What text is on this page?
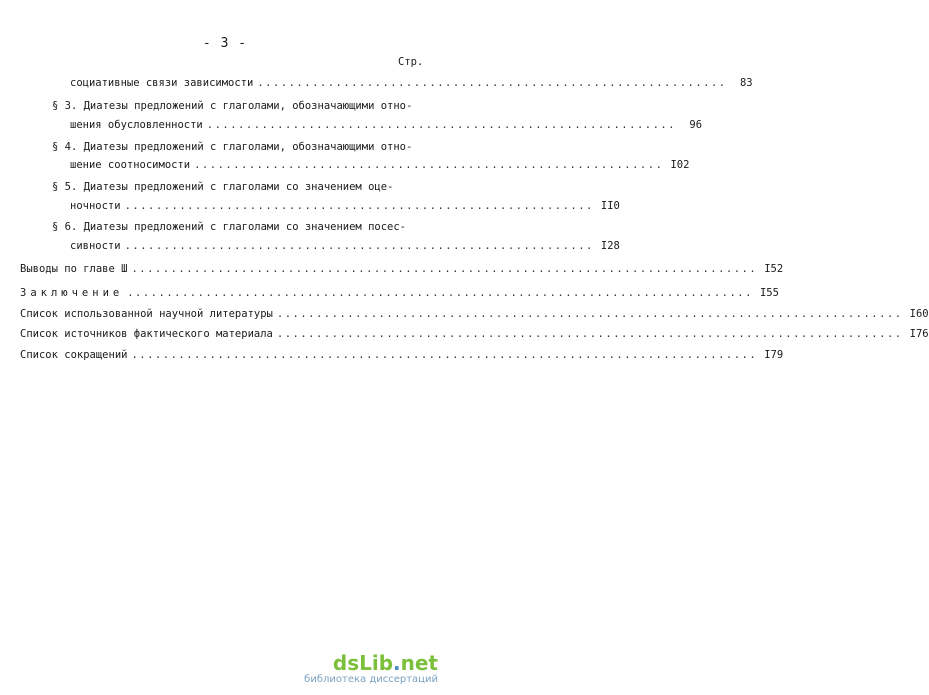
- 3 -
Стр.
социативные связи зависимости ............................................................	83
§ 3. Диатезы предложений с глаголами, обозначающими отно-
шения обусловленности ............................................................	96
§ 4. Диатезы предложений с глаголами, обозначающими отно-
шение соотносимости ............................................................ I02
§ 5. Диатезы предложений с глаголами со значением оце-
ночности ............................................................ II0
§ 6. Диатезы предложений с глаголами со значением посес-
сивности ............................................................ I28
Выводы по главе Ш ................................................................................ I52
Заключение ................................................................................ I55
Список использованной научной литературы ................................................................................ I60
Список источников фактического материала ................................................................................ I76
Список сокращений ................................................................................ I79
dsLib.net
библиотека диссертаций
